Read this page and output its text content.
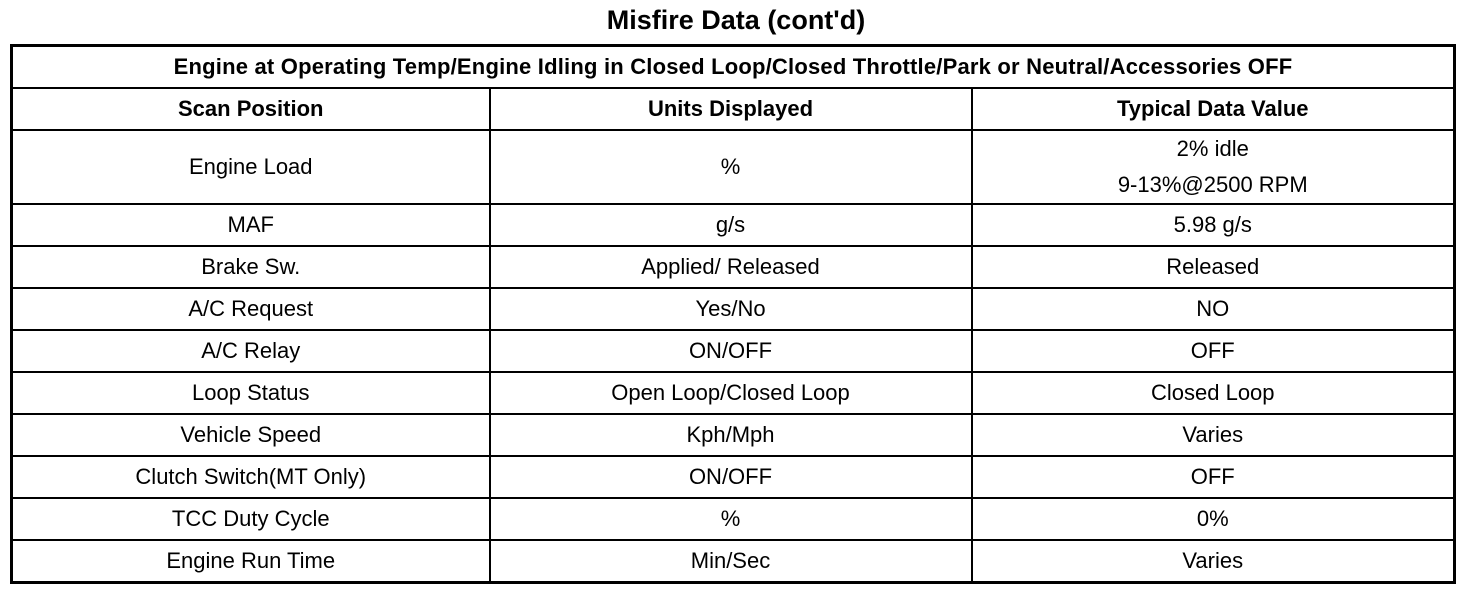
Misfire Data (cont'd)
Engine at Operating Temp/Engine Idling in Closed Loop/Closed Throttle/Park or Neutral/Accessories OFF		
Scan Position	Units Displayed	Typical Data Value
Engine Load	%	2% idle
9-13%@2500 RPM

MAF	g/s	5.98 g/s
Brake Sw.	Applied/ Released	Released
A/C Request	Yes/No	NO
A/C Relay	ON/OFF	OFF
Loop Status	Open Loop/Closed Loop	Closed Loop
Vehicle Speed	Kph/Mph	Varies
Clutch Switch(MT Only)	ON/OFF	OFF
TCC Duty Cycle	%	0%
Engine Run Time	Min/Sec	Varies
